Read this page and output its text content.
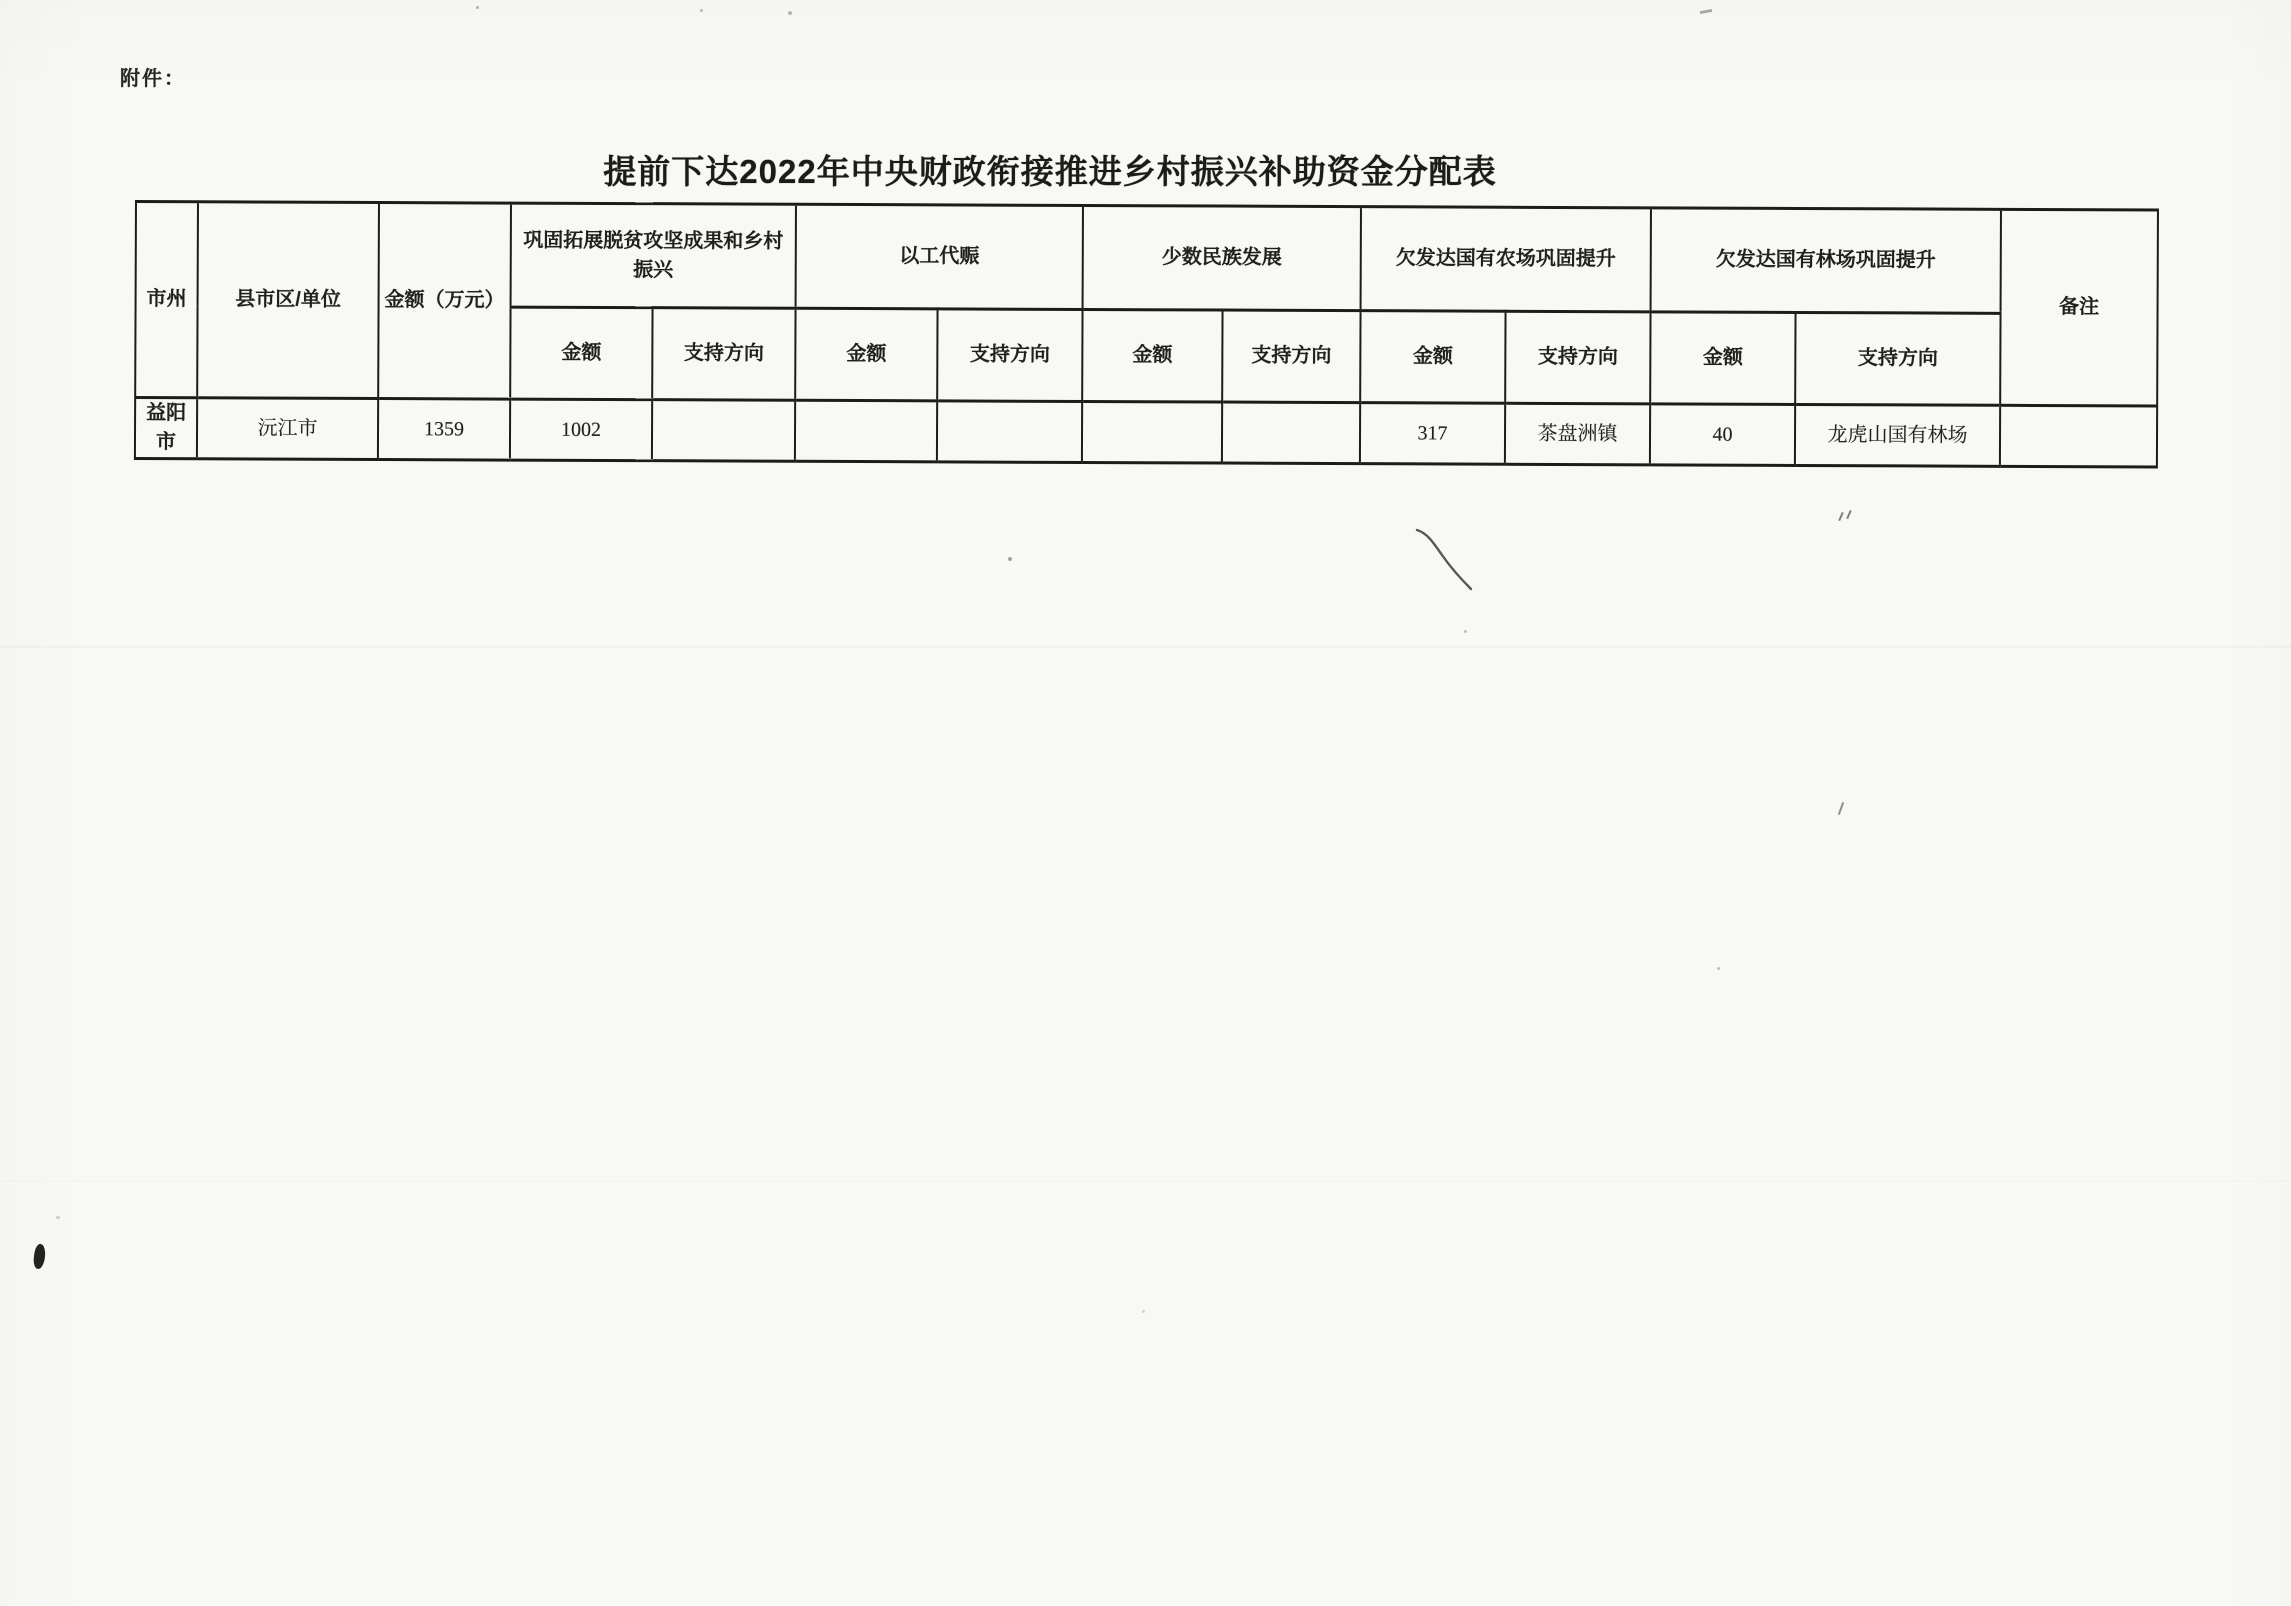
附件：
提前下达2022年中央财政衔接推进乡村振兴补助资金分配表
市州	县市区/单位	金额（万元）	巩固拓展脱贫攻坚成果和乡村振兴		以工代赈		少数民族发展		欠发达国有农场巩固提升		欠发达国有林场巩固提升		备注
			金额	支持方向	金额	支持方向	金额	支持方向	金额	支持方向	金额	支持方向	
益阳市	沅江市	1359	1002						317	茶盘洲镇	40	龙虎山国有林场	
